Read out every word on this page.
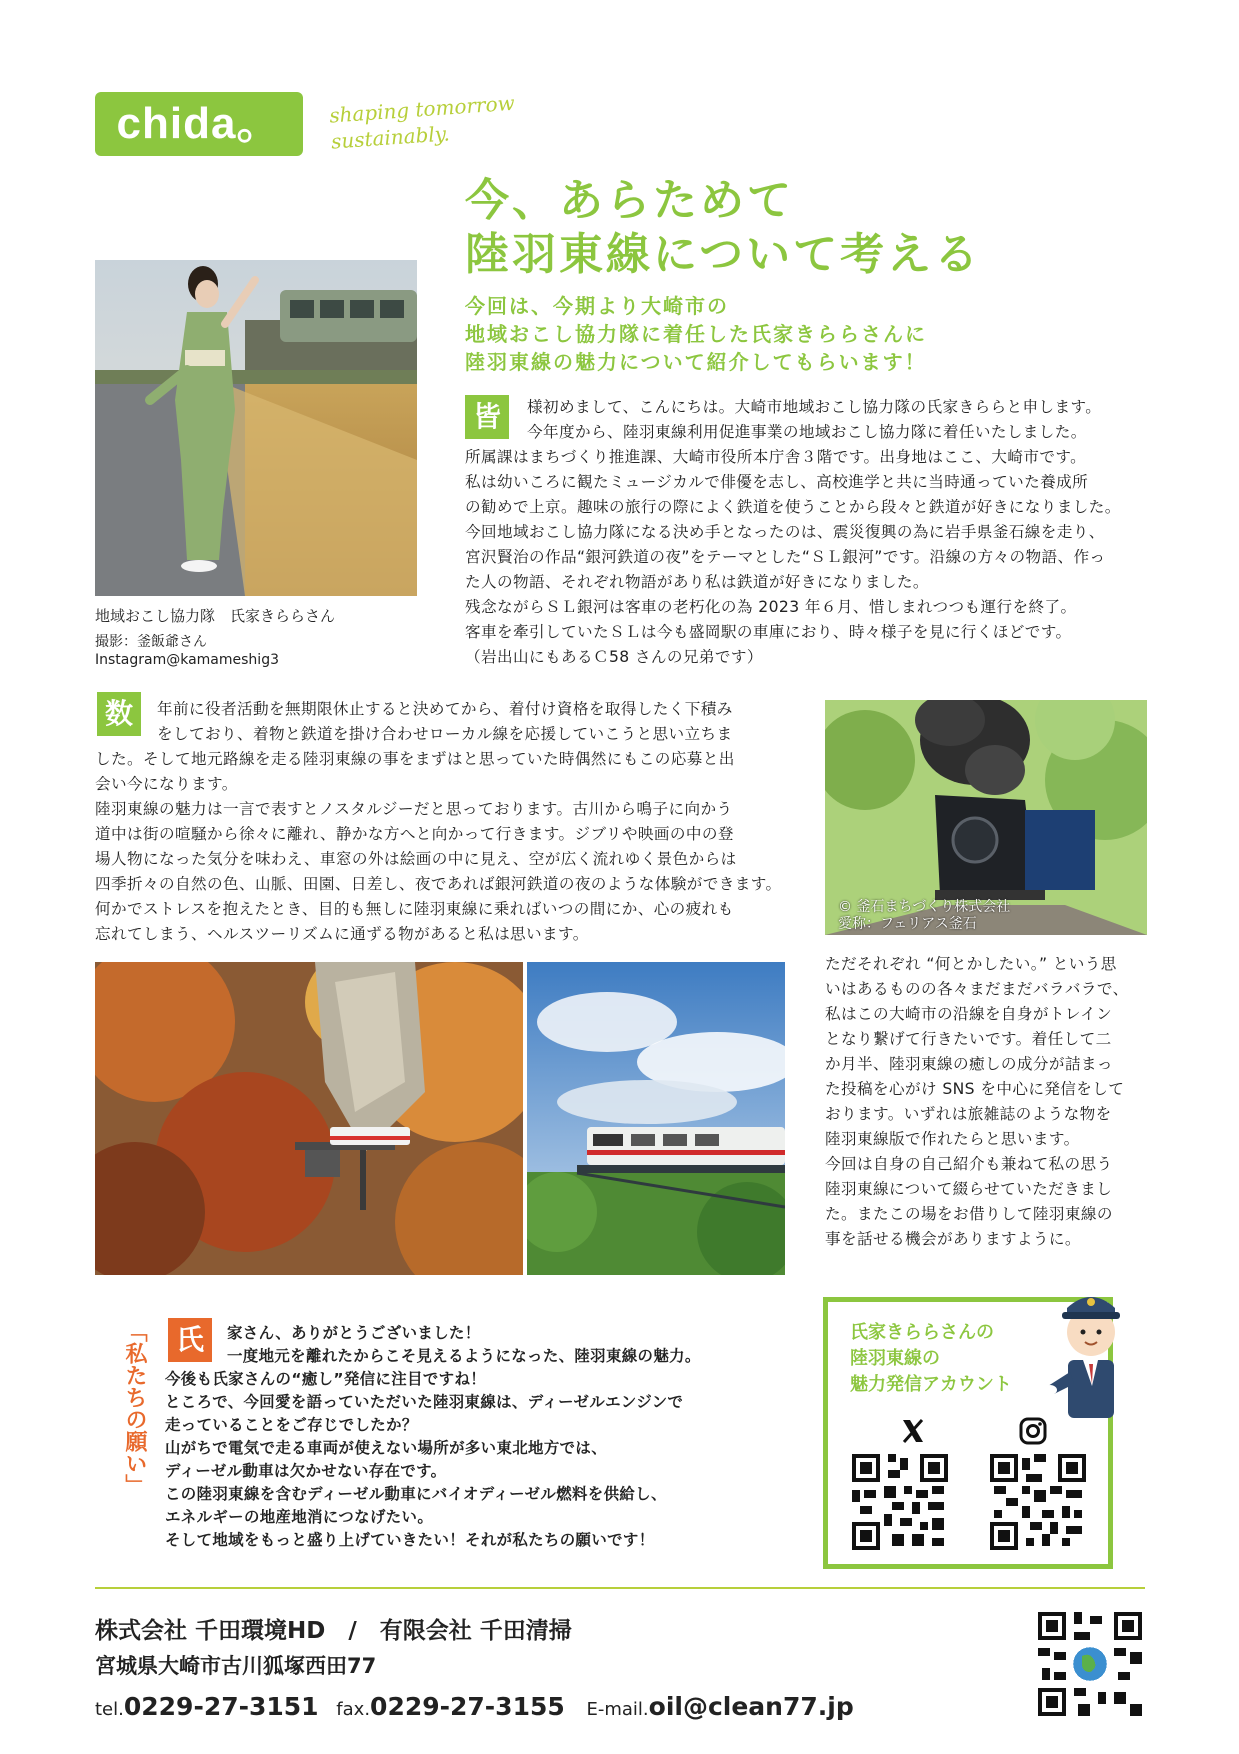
chida。	shaping tomorrow sustainably.
地域おこし協力隊　氏家きららさん
撮影：釜飯爺さん
Instagram@kamameshig3
今、あらためて
陸羽東線について考える
今回は、今期より大崎市の
地域おこし協力隊に着任した氏家きららさんに
陸羽東線の魅力について紹介してもらいます！
皆	様初めまして、こんにちは。大崎市地域おこし協力隊の氏家きららと申します。

今年度から、陸羽東線利用促進事業の地域おこし協力隊に着任いたしました。

所属課はまちづくり推進課、大崎市役所本庁舎３階です。出身地はここ、大崎市です。

私は幼いころに観たミュージカルで俳優を志し、高校進学と共に当時通っていた養成所

の勧めで上京。趣味の旅行の際によく鉄道を使うことから段々と鉄道が好きになりました。

今回地域おこし協力隊になる決め手となったのは、震災復興の為に岩手県釜石線を走り、

宮沢賢治の作品“銀河鉄道の夜”をテーマとした“ＳＬ銀河”です。沿線の方々の物語、作っ

た人の物語、それぞれ物語があり私は鉄道が好きになりました。

残念ながらＳＬ銀河は客車の老朽化の為 2023 年６月、惜しまれつつも運行を終了。

客車を牽引していたＳＬは今も盛岡駅の車庫におり、時々様子を見に行くほどです。

（岩出山にもあるＣ58 さんの兄弟です）

数	年前に役者活動を無期限休止すると決めてから、着付け資格を取得したく下積み

をしており、着物と鉄道を掛け合わせローカル線を応援していこうと思い立ちま

した。そして地元路線を走る陸羽東線の事をまずはと思っていた時偶然にもこの応募と出

会い今になります。

陸羽東線の魅力は一言で表すとノスタルジーだと思っております。古川から鳴子に向かう

道中は街の喧騒から徐々に離れ、静かな方へと向かって行きます。ジブリや映画の中の登

場人物になった気分を味わえ、車窓の外は絵画の中に見え、空が広く流れゆく景色からは

四季折々の自然の色、山脈、田園、日差し、夜であれば銀河鉄道の夜のような体験ができます。

何かでストレスを抱えたとき、目的も無しに陸羽東線に乗ればいつの間にか、心の疲れも

忘れてしまう、ヘルスツーリズムに通ずる物があると私は思います。

© 釜石まちづくり株式会社
愛称：フェリアス釜石

ただそれぞれ “何とかしたい。” という思

いはあるものの各々まだまだバラバラで、

私はこの大崎市の沿線を自身がトレイン

となり繋げて行きたいです。着任して二

か月半、陸羽東線の癒しの成分が詰まっ

た投稿を心がけ SNS を中心に発信をして

おります。いずれは旅雑誌のような物を

陸羽東線版で作れたらと思います。

今回は自身の自己紹介も兼ねて私の思う

陸羽東線について綴らせていただきまし

た。またこの場をお借りして陸羽東線の

事を話せる機会がありますように。

「私たちの願い」 氏	家さん、ありがとうございました！

一度地元を離れたからこそ見えるようになった、陸羽東線の魅力。

今後も氏家さんの“癒し”発信に注目ですね！

ところで、今回愛を語っていただいた陸羽東線は、ディーゼルエンジンで

走っていることをご存じでしたか？

山がちで電気で走る車両が使えない場所が多い東北地方では、

ディーゼル動車は欠かせない存在です。

この陸羽東線を含むディーゼル動車にバイオディーゼル燃料を供給し、

エネルギーの地産地消につなげたい。

そして地域をもっと盛り上げていきたい！それが私たちの願いです！

氏家きららさんの
陸羽東線の
魅力発信アカウント
株式会社 千田環境HD　/　有限会社 千田清掃
宮城県大崎市古川狐塚西田77
tel.0229-27-3151 fax.0229-27-3155 E-mail.oil@clean77.jp
